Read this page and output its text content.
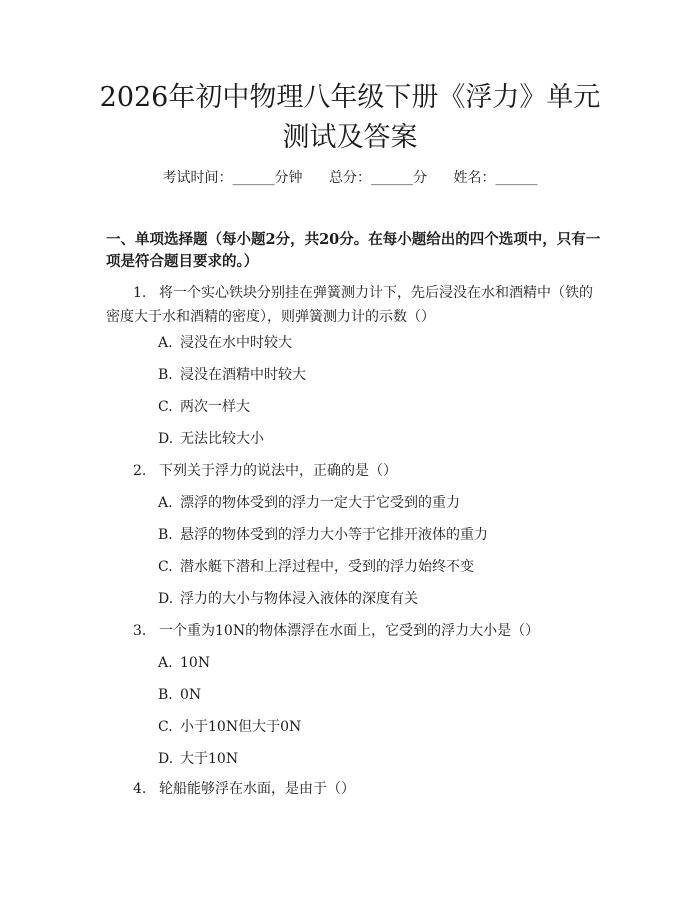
2026年初中物理八年级下册《浮力》单元测试及答案
考试时间：______分钟 总分：______分 姓名：______
一、单项选择题（每小题2分，共20分。在每小题给出的四个选项中，只有一项是符合题目要求的。）
1. 将一个实心铁块分别挂在弹簧测力计下，先后浸没在水和酒精中（铁的密度大于水和酒精的密度），则弹簧测力计的示数（）
A. 浸没在水中时较大
B. 浸没在酒精中时较大
C. 两次一样大
D. 无法比较大小
2. 下列关于浮力的说法中，正确的是（）
A. 漂浮的物体受到的浮力一定大于它受到的重力
B. 悬浮的物体受到的浮力大小等于它排开液体的重力
C. 潜水艇下潜和上浮过程中，受到的浮力始终不变
D. 浮力的大小与物体浸入液体的深度有关
3. 一个重为10N的物体漂浮在水面上，它受到的浮力大小是（）
A. 10N
B. 0N
C. 小于10N但大于0N
D. 大于10N
4. 轮船能够浮在水面，是由于（）
